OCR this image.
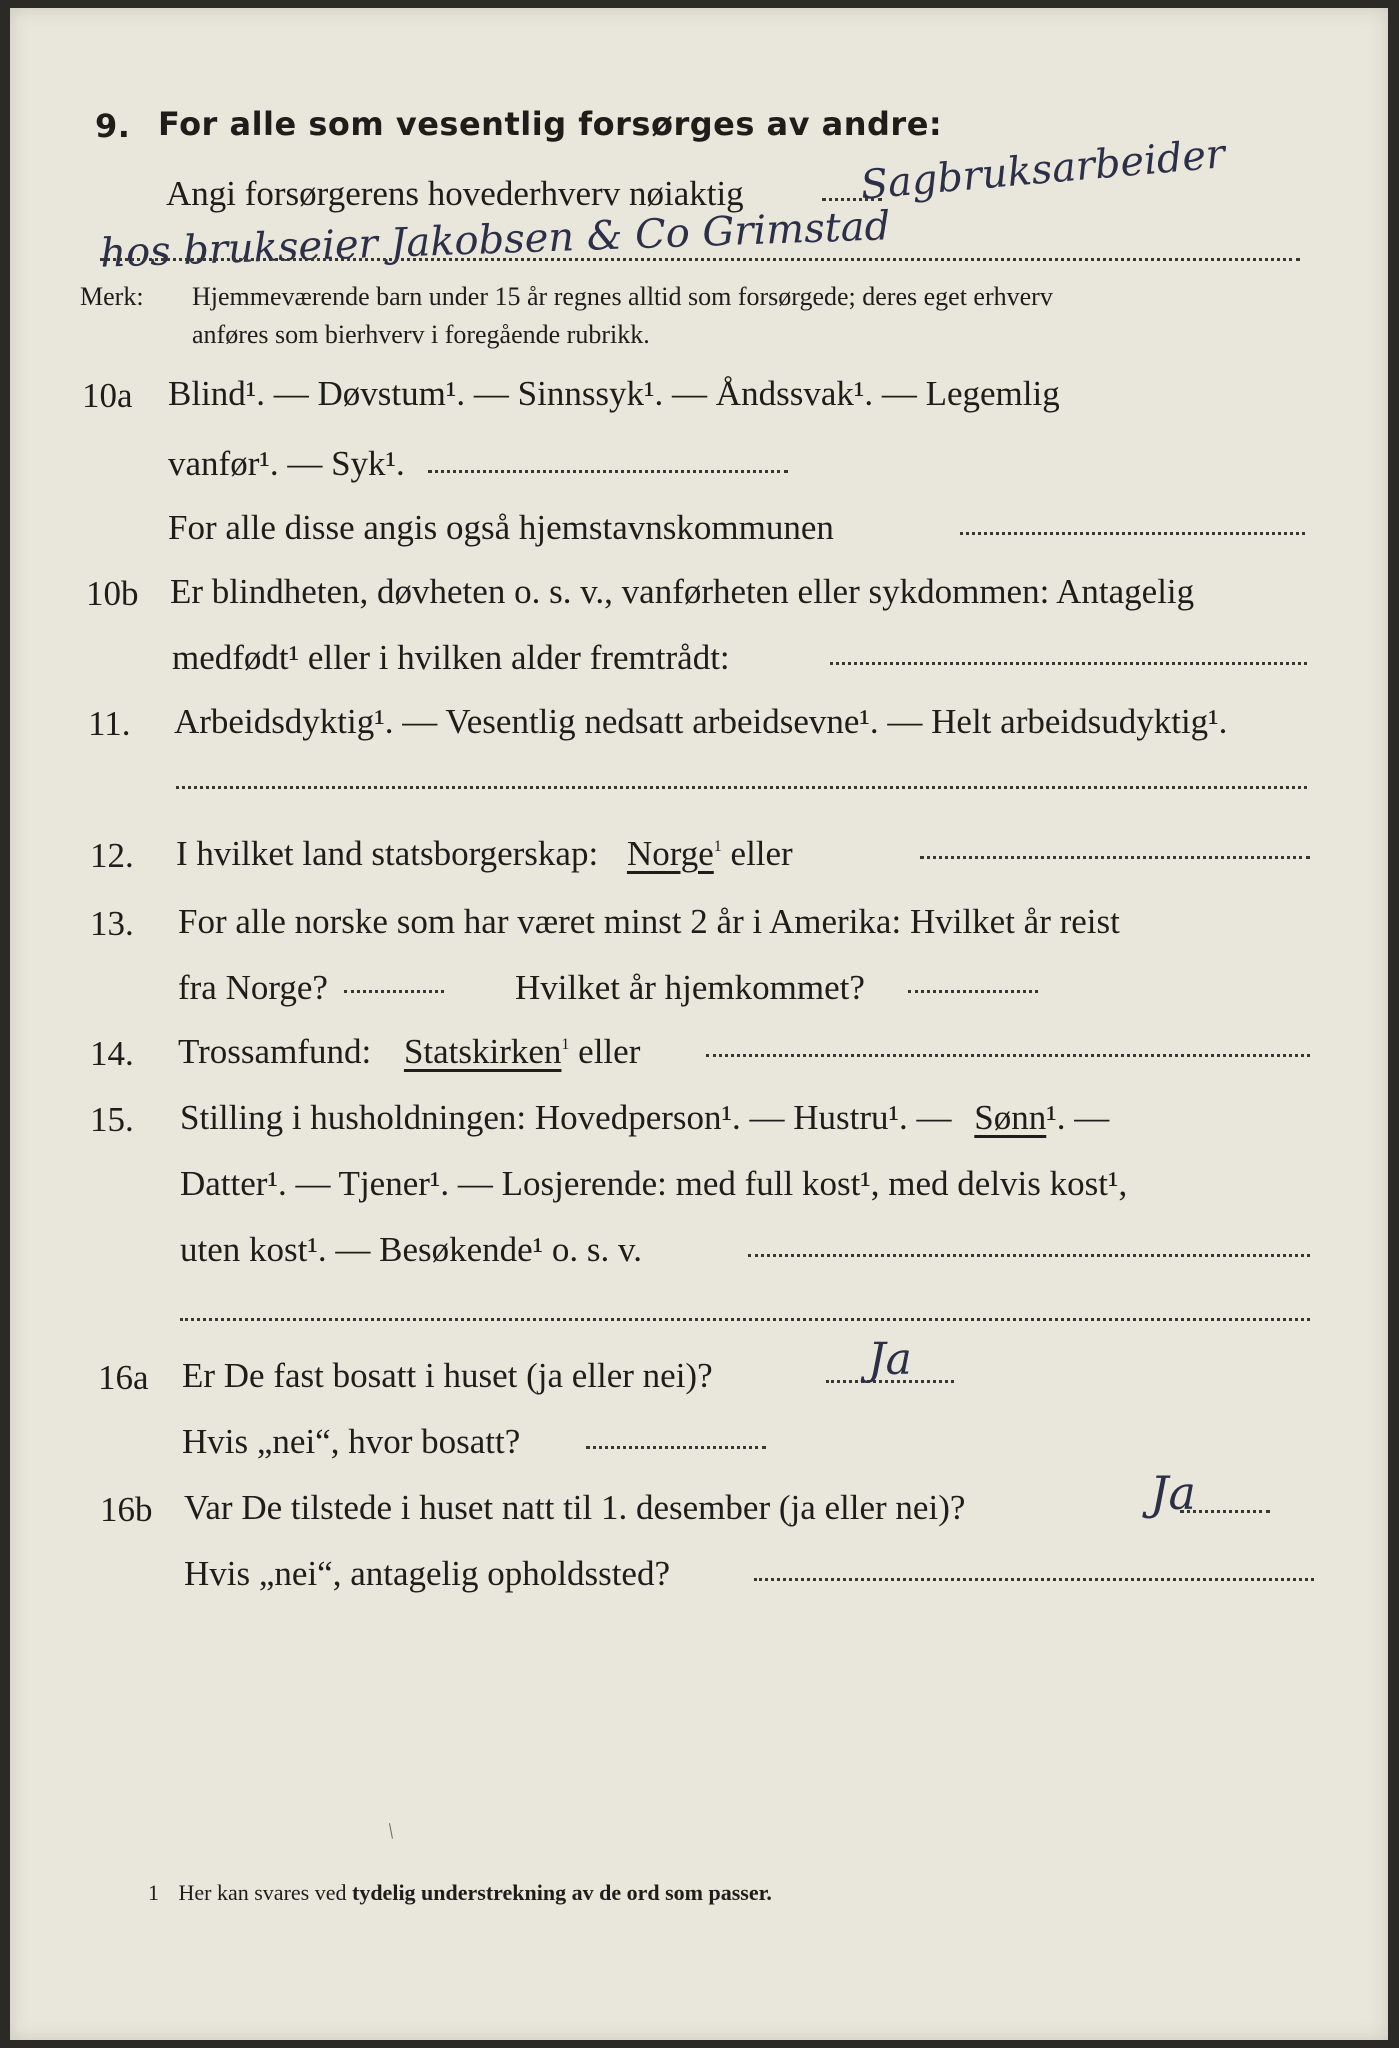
9. For alle som vesentlig forsørges av andre:
Angi forsørgerens hovederhverv nøiaktig	Sagbruksarbeider
hos brukseier Jakobsen & Co Grimstad
Merk: Hjemmeværende barn under 15 år regnes alltid som forsørgede; deres eget erhverv
anføres som bierhverv i foregående rubrikk.
10a Blind¹. — Døvstum¹. — Sinnssyk¹. — Åndssvak¹. — Legemlig
vanfør¹. — Syk¹.
For alle disse angis også hjemstavnskommunen
10b Er blindheten, døvheten o. s. v., vanførheten eller sykdommen: Antagelig
medfødt¹ eller i hvilken alder fremtrådt:
11. Arbeidsdyktig¹. — Vesentlig nedsatt arbeidsevne¹. — Helt arbeidsudyktig¹.
12. I hvilket land statsborgerskap: Norge$^1$ eller
13. For alle norske som har været minst 2 år i Amerika: Hvilket år reist
fra Norge?	Hvilket år hjemkommet?
14. Trossamfund: Statskirken$^1$ eller
15. Stilling i husholdningen: Hovedperson¹. — Hustru¹. — Sønn¹. —
Datter¹. — Tjener¹. — Losjerende: med full kost¹, med delvis kost¹,
uten kost¹. — Besøkende¹ o. s. v.
16a Er De fast bosatt i huset (ja eller nei)?	Ja
Hvis „nei“, hvor bosatt?
16b Var De tilstede i huset natt til 1. desember (ja eller nei)?	Ja
Hvis „nei“, antagelig opholdssted?
/
1 Her kan svares ved tydelig understrekning av de ord som passer.
